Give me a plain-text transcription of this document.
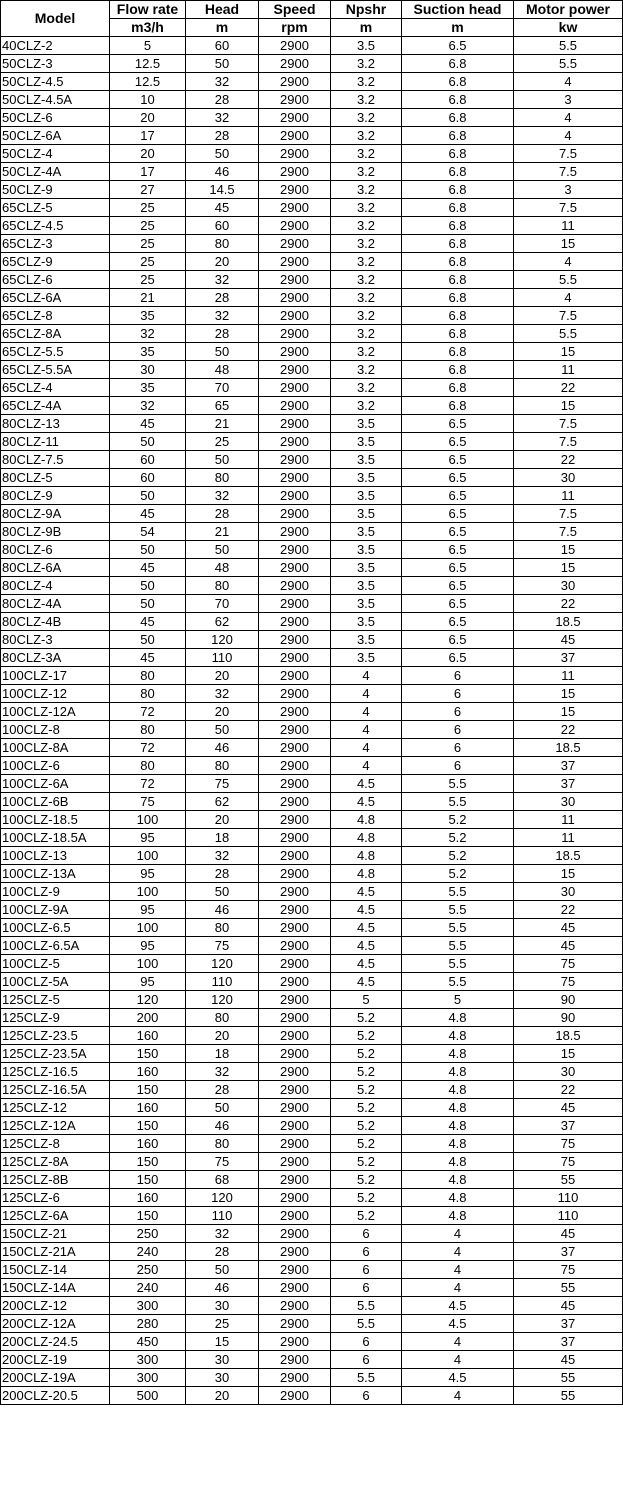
Model	Flow rate	Head	Speed	Npshr	Suction head	Motor power
	m3/h	m	rpm	m	m	kw
40CLZ-2	5	60	2900	3.5	6.5	5.5
50CLZ-3	12.5	50	2900	3.2	6.8	5.5
50CLZ-4.5	12.5	32	2900	3.2	6.8	4
50CLZ-4.5A	10	28	2900	3.2	6.8	3
50CLZ-6	20	32	2900	3.2	6.8	4
50CLZ-6A	17	28	2900	3.2	6.8	4
50CLZ-4	20	50	2900	3.2	6.8	7.5
50CLZ-4A	17	46	2900	3.2	6.8	7.5
50CLZ-9	27	14.5	2900	3.2	6.8	3
65CLZ-5	25	45	2900	3.2	6.8	7.5
65CLZ-4.5	25	60	2900	3.2	6.8	11
65CLZ-3	25	80	2900	3.2	6.8	15
65CLZ-9	25	20	2900	3.2	6.8	4
65CLZ-6	25	32	2900	3.2	6.8	5.5
65CLZ-6A	21	28	2900	3.2	6.8	4
65CLZ-8	35	32	2900	3.2	6.8	7.5
65CLZ-8A	32	28	2900	3.2	6.8	5.5
65CLZ-5.5	35	50	2900	3.2	6.8	15
65CLZ-5.5A	30	48	2900	3.2	6.8	11
65CLZ-4	35	70	2900	3.2	6.8	22
65CLZ-4A	32	65	2900	3.2	6.8	15
80CLZ-13	45	21	2900	3.5	6.5	7.5
80CLZ-11	50	25	2900	3.5	6.5	7.5
80CLZ-7.5	60	50	2900	3.5	6.5	22
80CLZ-5	60	80	2900	3.5	6.5	30
80CLZ-9	50	32	2900	3.5	6.5	11
80CLZ-9A	45	28	2900	3.5	6.5	7.5
80CLZ-9B	54	21	2900	3.5	6.5	7.5
80CLZ-6	50	50	2900	3.5	6.5	15
80CLZ-6A	45	48	2900	3.5	6.5	15
80CLZ-4	50	80	2900	3.5	6.5	30
80CLZ-4A	50	70	2900	3.5	6.5	22
80CLZ-4B	45	62	2900	3.5	6.5	18.5
80CLZ-3	50	120	2900	3.5	6.5	45
80CLZ-3A	45	110	2900	3.5	6.5	37
100CLZ-17	80	20	2900	4	6	11
100CLZ-12	80	32	2900	4	6	15
100CLZ-12A	72	20	2900	4	6	15
100CLZ-8	80	50	2900	4	6	22
100CLZ-8A	72	46	2900	4	6	18.5
100CLZ-6	80	80	2900	4	6	37
100CLZ-6A	72	75	2900	4.5	5.5	37
100CLZ-6B	75	62	2900	4.5	5.5	30
100CLZ-18.5	100	20	2900	4.8	5.2	11
100CLZ-18.5A	95	18	2900	4.8	5.2	11
100CLZ-13	100	32	2900	4.8	5.2	18.5
100CLZ-13A	95	28	2900	4.8	5.2	15
100CLZ-9	100	50	2900	4.5	5.5	30
100CLZ-9A	95	46	2900	4.5	5.5	22
100CLZ-6.5	100	80	2900	4.5	5.5	45
100CLZ-6.5A	95	75	2900	4.5	5.5	45
100CLZ-5	100	120	2900	4.5	5.5	75
100CLZ-5A	95	110	2900	4.5	5.5	75
125CLZ-5	120	120	2900	5	5	90
125CLZ-9	200	80	2900	5.2	4.8	90
125CLZ-23.5	160	20	2900	5.2	4.8	18.5
125CLZ-23.5A	150	18	2900	5.2	4.8	15
125CLZ-16.5	160	32	2900	5.2	4.8	30
125CLZ-16.5A	150	28	2900	5.2	4.8	22
125CLZ-12	160	50	2900	5.2	4.8	45
125CLZ-12A	150	46	2900	5.2	4.8	37
125CLZ-8	160	80	2900	5.2	4.8	75
125CLZ-8A	150	75	2900	5.2	4.8	75
125CLZ-8B	150	68	2900	5.2	4.8	55
125CLZ-6	160	120	2900	5.2	4.8	110
125CLZ-6A	150	110	2900	5.2	4.8	110
150CLZ-21	250	32	2900	6	4	45
150CLZ-21A	240	28	2900	6	4	37
150CLZ-14	250	50	2900	6	4	75
150CLZ-14A	240	46	2900	6	4	55
200CLZ-12	300	30	2900	5.5	4.5	45
200CLZ-12A	280	25	2900	5.5	4.5	37
200CLZ-24.5	450	15	2900	6	4	37
200CLZ-19	300	30	2900	6	4	45
200CLZ-19A	300	30	2900	5.5	4.5	55
200CLZ-20.5	500	20	2900	6	4	55
